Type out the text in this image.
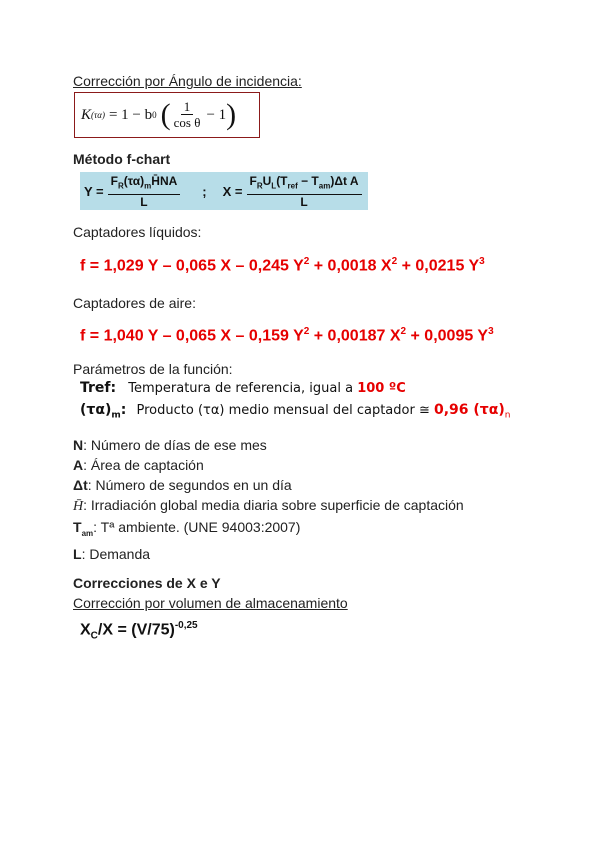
Corrección por Ángulo de incidencia:
K (τα) = 1 − b 0 ( $\frac{1}{\text{cos θ}} - 1$ )
Método f-chart
$Y = \frac{F_R(\tau\alpha)_mH̄NA}{L}$ ; $X = \frac{F_RU_L(T_{ref} - T_{am})\Delta t A}{L}$
Captadores líquidos:
f = 1,029 Y – 0,065 X – 0,245 $Y^2 + 0,0018$ $X^2 + 0,0215$ $Y^3$
Captadores de aire:
f = 1,040 Y – 0,065 X – 0,159 $Y^2 + 0,00187$ $X^2 + 0,0095$ $Y^3$
Parámetros de la función:
Tref: Temperatura de referencia, igual a 100 ºC
$(\tau\alpha)_m$: Producto (τα) medio mensual del captador ≅ 0,96 $(\tau\alpha)_n$
N: Número de días de ese mes
A: Área de captación
Δt: Número de segundos en un día
H̄: Irradiación global media diaria sobre superficie de captación
$T_{am}$: Tª ambiente. (UNE 94003:2007)
L: Demanda
Correcciones de X e Y
Corrección por volumen de almacenamiento
$X_C/X = (V/75)^{-0,25}$
